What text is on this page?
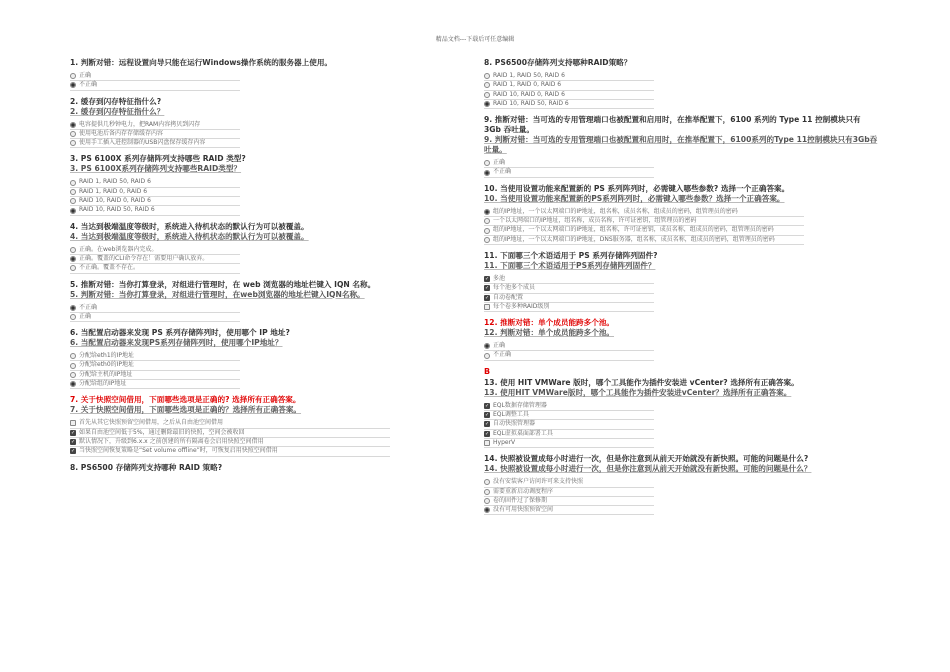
精品文档---下载后可任意编辑
1. 判断对错：远程设置向导只能在运行Windows操作系统的服务器上使用。
正确
不正确
2. 缓存到闪存特征指什么?
2. 缓存到闪存特征指什么？
电容提供几秒钟电力，把RAM内容拷贝到闪存
使用电池后备内存存储缓存内容
使用手工插入进控制器的USB闪盘保存缓存内容
3. PS 6100X 系列存储阵列支持哪些 RAID 类型?
3. PS 6100X系列存储阵列支持哪些RAID类型？
RAID 1, RAID 50, RAID 6
RAID 1, RAID 0, RAID 6
RAID 10, RAID 0, RAID 6
RAID 10, RAID 50, RAID 6
4. 当达到极端温度等级时，系统进入待机状态的默认行为可以被覆盖。
4. 当达到极端温度等级时，系统进入待机状态的默认行为可以被覆盖。
正确。在web浏览器内完成。
正确。覆盖的CLI命令存在！需要用户确认放弃。
不正确。覆盖不存在。
5. 推断对错：当你打算登录，对组进行管理时，在 web 浏览器的地址栏键入 IQN 名称。
5. 判断对错：当你打算登录，对组进行管理时，在web浏览器的地址栏键入IQN名称。
不正确
正确
6. 当配置启动器来发现 PS 系列存储阵列时，使用哪个 IP 地址?
6. 当配置启动器来发现PS系列存储阵列时，使用哪个IP地址？
分配给eth1的IP地址
分配给eth0的IP地址
分配给主机的IP地址
分配给组的IP地址
7. 关于快照空间借用，下面哪些选项是正确的? 选择所有正确答案。
7. 关于快照空间借用，下面哪些选项是正确的？选择所有正确答案。
首先从其它快照预留空间借用，之后从自由池空间借用
✓
如果自由池空间低于5%，通过删除最旧的快照，空间会被收回
✓
默认情况下，升级到6.x.x 之前创建的所有隔离卷会启用快照空间借用
✓
当快照空间恢复策略是“Set volume offline”时，可恢复启用快照空间借用
8. PS6500 存储阵列支持哪种 RAID 策略?
8. PS6500存储阵列支持哪种RAID策略？
RAID 1, RAID 50, RAID 6
RAID 1, RAID 0, RAID 6
RAID 10, RAID 0, RAID 6
RAID 10, RAID 50, RAID 6
9. 推断对错：当可选的专用管理端口也被配置和启用时，在推举配置下，6100 系列的 Type 11 控制模块只有 3Gb 吞吐量。
9. 判断对错：当可选的专用管理端口也被配置和启用时，在推举配置下，6100系列的Type 11控制模块只有3Gb吞吐量。
正确
不正确
10. 当使用设置功能来配置新的 PS 系列阵列时，必需键入哪些参数? 选择一个正确答案。
10. 当使用设置功能来配置新的PS系列阵列时，必需键入哪些参数？选择一个正确答案。
组的IP地址，一个以太网端口的IP地址，组名称，成员名称，组成员的密码，组管理员的密码
一个以太网端口的IP地址，组名称，成员名称，许可证密钥，组管理员的密码
组的IP地址，一个以太网端口的IP地址，组名称，许可证密钥，成员名称，组成员的密码，组管理员的密码
组的IP地址，一个以太网端口的IP地址，DNS服务器，组名称，成员名称，组成员的密码，组管理员的密码
11. 下面哪三个术语适用于 PS 系列存储阵列固件?
11. 下面哪三个术语适用于PS系列存储阵列固件？
✓
多池
✓
每个池多个成员
✓
自动卷配置
每个卷多种RAID级别
12. 推断对错：单个成员能跨多个池。
12. 判断对错：单个成员能跨多个池。
正确
不正确
B
13. 使用 HIT VMWare 版时，哪个工具能作为插件安装进 vCenter? 选择所有正确答案。
13. 使用HIT VMWare版时，哪个工具能作为插件安装进vCenter？选择所有正确答案。
✓
EQL数据存储管理器
✓
EQL调整工具
✓
自动快照管理器
✓
EQL虚拟桌面部署工具
HyperV
14. 快照被设置成每小时进行一次，但是你注意到从前天开始就没有新快照。可能的问题是什么?
14. 快照被设置成每小时进行一次，但是你注意到从前天开始就没有新快照。可能的问题是什么？
没有安装客户访问许可来支持快照
需要重新启动调度程序
卷的固件过了保修期
没有可用快照预留空间
